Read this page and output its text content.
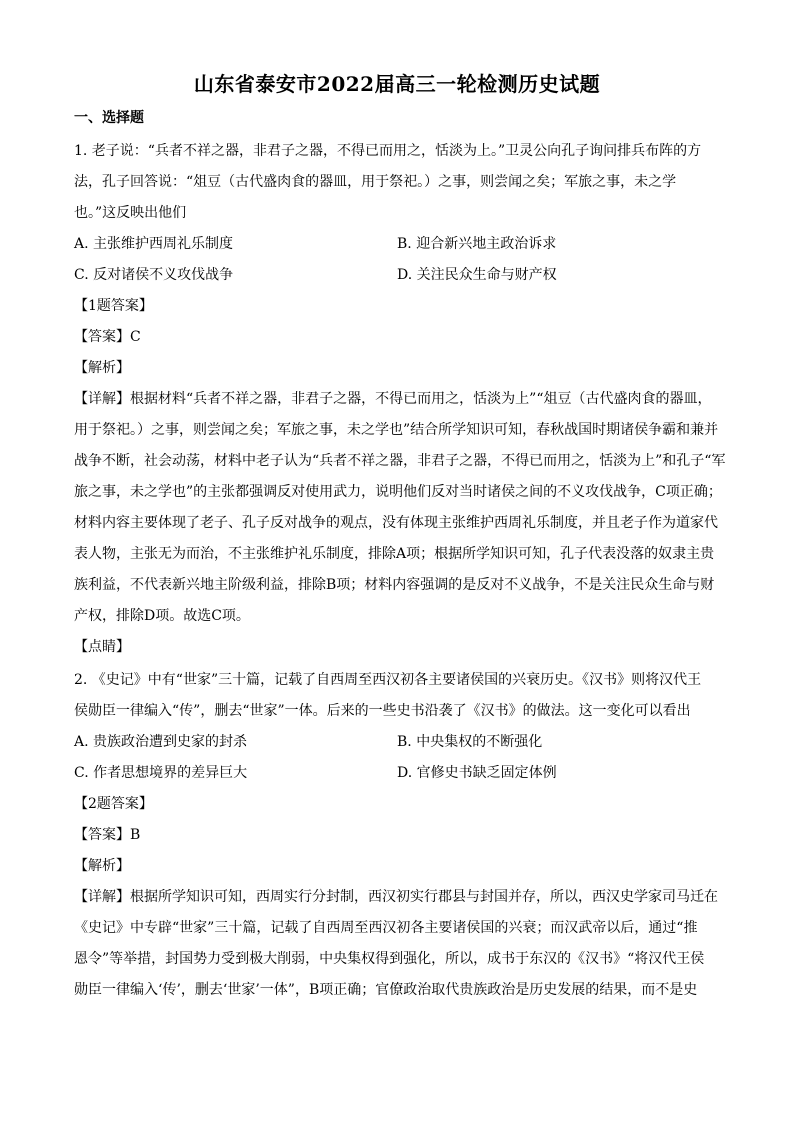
山东省泰安市2022届高三一轮检测历史试题
一、选择题
1. 老子说：“兵者不祥之器，非君子之器，不得已而用之，恬淡为上。”卫灵公向孔子询问排兵布阵的方
法，孔子回答说：“俎豆（古代盛肉食的器皿，用于祭祀。）之事，则尝闻之矣；军旅之事，未之学
也。”这反映出他们
A. 主张维护西周礼乐制度	B. 迎合新兴地主政治诉求
C. 反对诸侯不义攻伐战争	D. 关注民众生命与财产权
【1题答案】
【答案】C
【解析】
【详解】根据材料“兵者不祥之器，非君子之器，不得已而用之，恬淡为上”“俎豆（古代盛肉食的器皿，
用于祭祀。）之事，则尝闻之矣；军旅之事，未之学也”结合所学知识可知，春秋战国时期诸侯争霸和兼并
战争不断，社会动荡，材料中老子认为“兵者不祥之器，非君子之器，不得已而用之，恬淡为上”和孔子“军
旅之事，未之学也”的主张都强调反对使用武力，说明他们反对当时诸侯之间的不义攻伐战争，C项正确；
材料内容主要体现了老子、孔子反对战争的观点，没有体现主张维护西周礼乐制度，并且老子作为道家代
表人物，主张无为而治，不主张维护礼乐制度，排除A项；根据所学知识可知，孔子代表没落的奴隶主贵
族利益，不代表新兴地主阶级利益，排除B项；材料内容强调的是反对不义战争，不是关注民众生命与财
产权，排除D项。故选C项。
【点睛】
2. 《史记》中有“世家”三十篇，记载了自西周至西汉初各主要诸侯国的兴衰历史。《汉书》则将汉代王
侯勋臣一律编入“传”，删去“世家”一体。后来的一些史书沿袭了《汉书》的做法。这一变化可以看出
A. 贵族政治遭到史家的封杀	B. 中央集权的不断强化
C. 作者思想境界的差异巨大	D. 官修史书缺乏固定体例
【2题答案】
【答案】B
【解析】
【详解】根据所学知识可知，西周实行分封制，西汉初实行郡县与封国并存，所以，西汉史学家司马迁在
《史记》中专辟“世家”三十篇，记载了自西周至西汉初各主要诸侯国的兴衰；而汉武帝以后，通过“推
恩令”等举措，封国势力受到极大削弱，中央集权得到强化，所以，成书于东汉的《汉书》“将汉代王侯
勋臣一律编入‘传’，删去‘世家’一体”，B项正确；官僚政治取代贵族政治是历史发展的结果，而不是史
